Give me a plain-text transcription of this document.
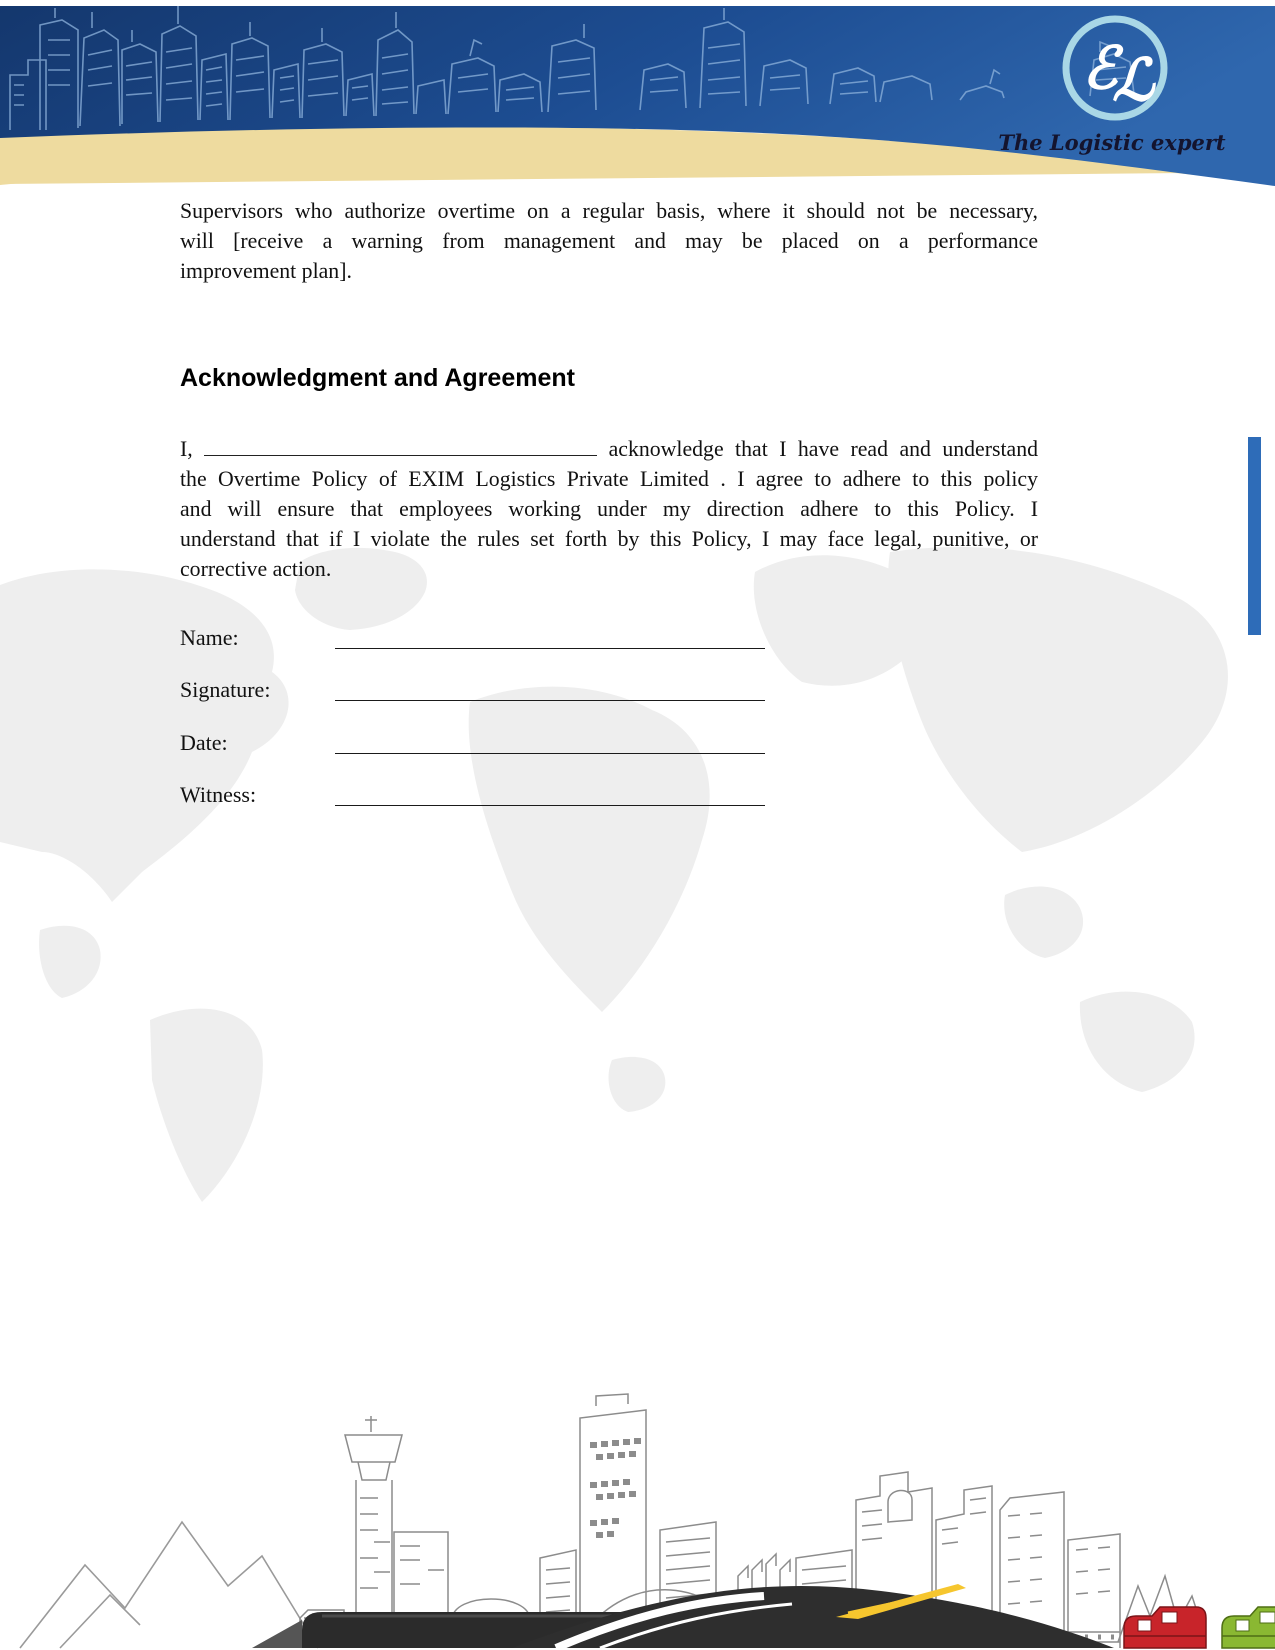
ℰ
ℒ
The Logistic expert
Supervisors who authorize overtime on a regular basis, where it should not be necessary,
will [receive a warning from management and may be placed on a performance
improvement plan].
Acknowledgment and Agreement
I,	acknowledge that I have read and understand
the Overtime Policy of EXIM Logistics Private Limited . I agree to adhere to this policy
and will ensure that employees working under my direction adhere to this Policy. I
understand that if I violate the rules set forth by this Policy, I may face legal, punitive, or
corrective action.
Name:
Signature:
Date:
Witness:
